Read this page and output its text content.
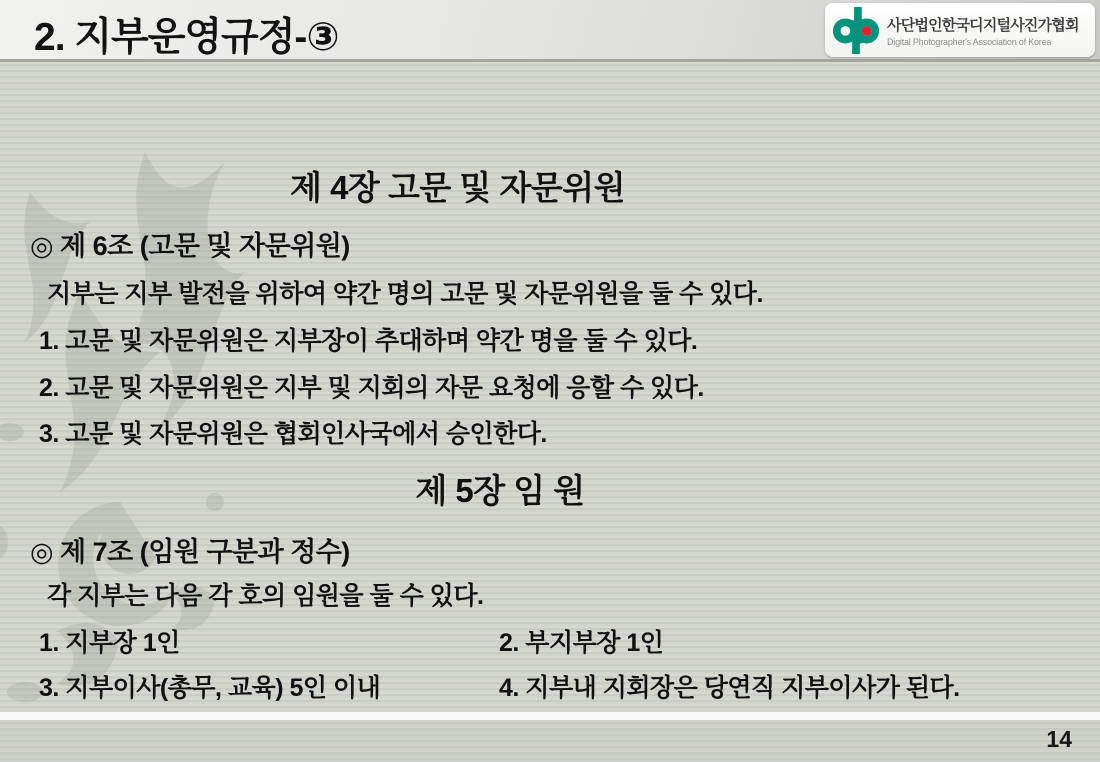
2. 지부운영규정-③	사단법인한국디지털사진가협회
Digital Photographer's Association of Korea
제 4장 고문 및 자문위원
◎ 제 6조 (고문 및 자문위원)
지부는 지부 발전을 위하여 약간 명의 고문 및 자문위원을 둘 수 있다.
1. 고문 및 자문위원은 지부장이 추대하며 약간 명을 둘 수 있다.
2. 고문 및 자문위원은 지부 및 지회의 자문 요청에 응할 수 있다.
3. 고문 및 자문위원은 협회인사국에서 승인한다.
제 5장 임 원
◎ 제 7조 (임원 구분과 정수)
각 지부는 다음 각 호의 임원을 둘 수 있다.
1. 지부장 1인	2. 부지부장 1인
3. 지부이사(총무, 교육) 5인 이내	4. 지부내 지회장은 당연직 지부이사가 된다.
14
